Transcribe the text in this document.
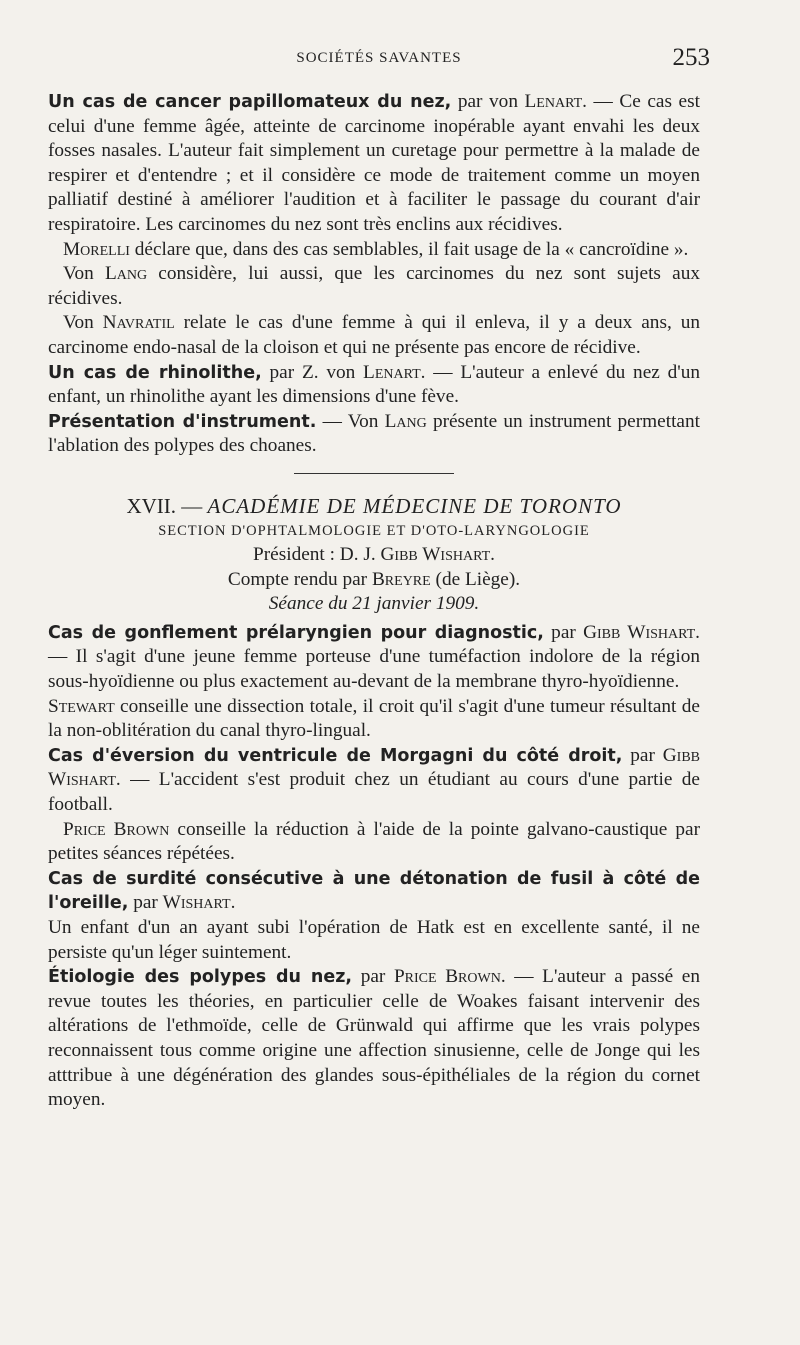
SOCIÉTÉS SAVANTES	253

Un cas de cancer papillomateux du nez, par von Lenart. — Ce cas est celui d'une femme âgée, atteinte de carcinome inopérable ayant envahi les deux fosses nasales. L'auteur fait simplement un curetage pour permettre à la malade de respirer et d'entendre ; et il considère ce mode de traitement comme un moyen palliatif destiné à améliorer l'audition et à faciliter le passage du courant d'air respiratoire. Les carcinomes du nez sont très enclins aux récidives.

Morelli déclare que, dans des cas semblables, il fait usage de la « cancroïdine ».

Von Lang considère, lui aussi, que les carcinomes du nez sont sujets aux récidives.

Von Navratil relate le cas d'une femme à qui il enleva, il y a deux ans, un carcinome endo-nasal de la cloison et qui ne présente pas encore de récidive.

Un cas de rhinolithe, par Z. von Lenart. — L'auteur a enlevé du nez d'un enfant, un rhinolithe ayant les dimensions d'une fève.

Présentation d'instrument. — Von Lang présente un instrument permettant l'ablation des polypes des choanes.

XVII. — ACADÉMIE DE MÉDECINE DE TORONTO

SECTION D'OPHTALMOLOGIE ET D'OTO-LARYNGOLOGIE

Président : D. J. Gibb Wishart.

Compte rendu par Breyre (de Liège).

Séance du 21 janvier 1909.

Cas de gonflement prélaryngien pour diagnostic, par Gibb Wishart. — Il s'agit d'une jeune femme porteuse d'une tuméfaction indolore de la région sous-hyoïdienne ou plus exactement au-devant de la membrane thyro-hyoïdienne.

Stewart conseille une dissection totale, il croit qu'il s'agit d'une tumeur résultant de la non-oblitération du canal thyro-lingual.

Cas d'éversion du ventricule de Morgagni du côté droit, par Gibb Wishart. — L'accident s'est produit chez un étudiant au cours d'une partie de football.

Price Brown conseille la réduction à l'aide de la pointe galvano-caustique par petites séances répétées.

Cas de surdité consécutive à une détonation de fusil à côté de l'oreille, par Wishart.

Un enfant d'un an ayant subi l'opération de Hatk est en excellente santé, il ne persiste qu'un léger suintement.

Étiologie des polypes du nez, par Price Brown. — L'auteur a passé en revue toutes les théories, en particulier celle de Woakes faisant intervenir des altérations de l'ethmoïde, celle de Grünwald qui affirme que les vrais polypes reconnaissent tous comme origine une affection sinusienne, celle de Jonge qui les atttribue à une dégénération des glandes sous-épithéliales de la région du cornet moyen.
